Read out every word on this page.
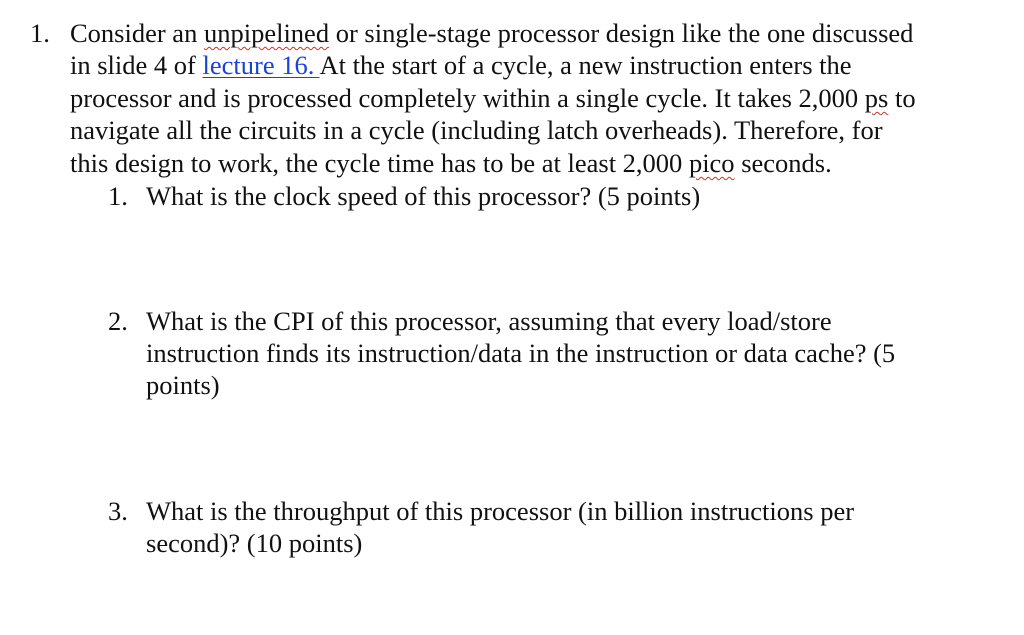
1. Consider an unpipelined or single-stage processor design like the one discussed
in slide 4 of lecture 16. At the start of a cycle, a new instruction enters the
processor and is processed completely within a single cycle. It takes 2,000 ps to
navigate all the circuits in a cycle (including latch overheads). Therefore, for
this design to work, the cycle time has to be at least 2,000 pico seconds.
1. What is the clock speed of this processor? (5 points)
2. What is the CPI of this processor, assuming that every load/store
instruction finds its instruction/data in the instruction or data cache? (5
points)
3. What is the throughput of this processor (in billion instructions per
second)? (10 points)
